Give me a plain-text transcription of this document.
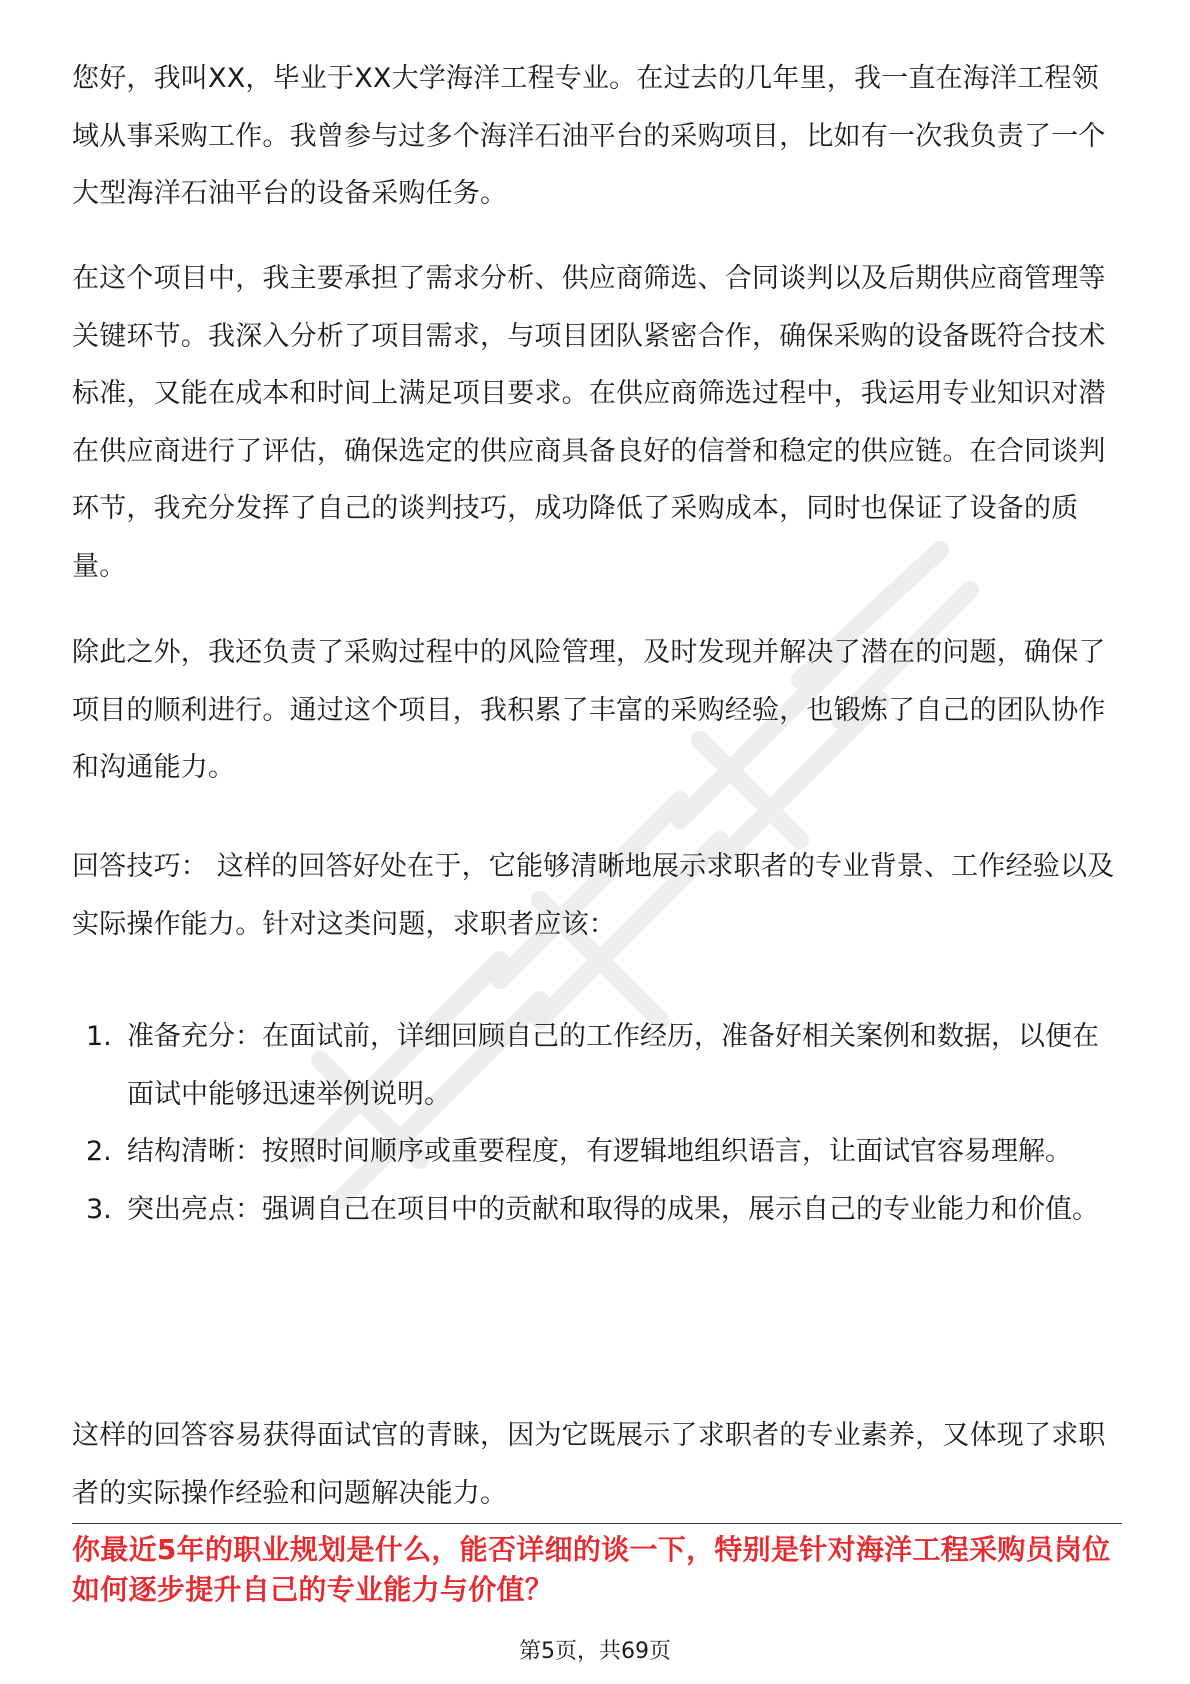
您好，我叫XX，毕业于XX大学海洋工程专业。在过去的几年里，我一直在海洋工程领域从事采购工作。我曾参与过多个海洋石油平台的采购项目，比如有一次我负责了一个大型海洋石油平台的设备采购任务。

在这个项目中，我主要承担了需求分析、供应商筛选、合同谈判以及后期供应商管理等关键环节。我深入分析了项目需求，与项目团队紧密合作，确保采购的设备既符合技术标准，又能在成本和时间上满足项目要求。在供应商筛选过程中，我运用专业知识对潜在供应商进行了评估，确保选定的供应商具备良好的信誉和稳定的供应链。在合同谈判环节，我充分发挥了自己的谈判技巧，成功降低了采购成本，同时也保证了设备的质量。

除此之外，我还负责了采购过程中的风险管理，及时发现并解决了潜在的问题，确保了项目的顺利进行。通过这个项目，我积累了丰富的采购经验，也锻炼了自己的团队协作和沟通能力。

回答技巧： 这样的回答好处在于，它能够清晰地展示求职者的专业背景、工作经验以及实际操作能力。针对这类问题，求职者应该：

1. 准备充分：在面试前，详细回顾自己的工作经历，准备好相关案例和数据，以便在面试中能够迅速举例说明。
2. 结构清晰：按照时间顺序或重要程度，有逻辑地组织语言，让面试官容易理解。
3. 突出亮点：强调自己在项目中的贡献和取得的成果，展示自己的专业能力和价值。

这样的回答容易获得面试官的青睐，因为它既展示了求职者的专业素养，又体现了求职者的实际操作经验和问题解决能力。

你最近5年的职业规划是什么，能否详细的谈一下，特别是针对海洋工程采购员岗位如何逐步提升自己的专业能力与价值？

第5页，共69页
